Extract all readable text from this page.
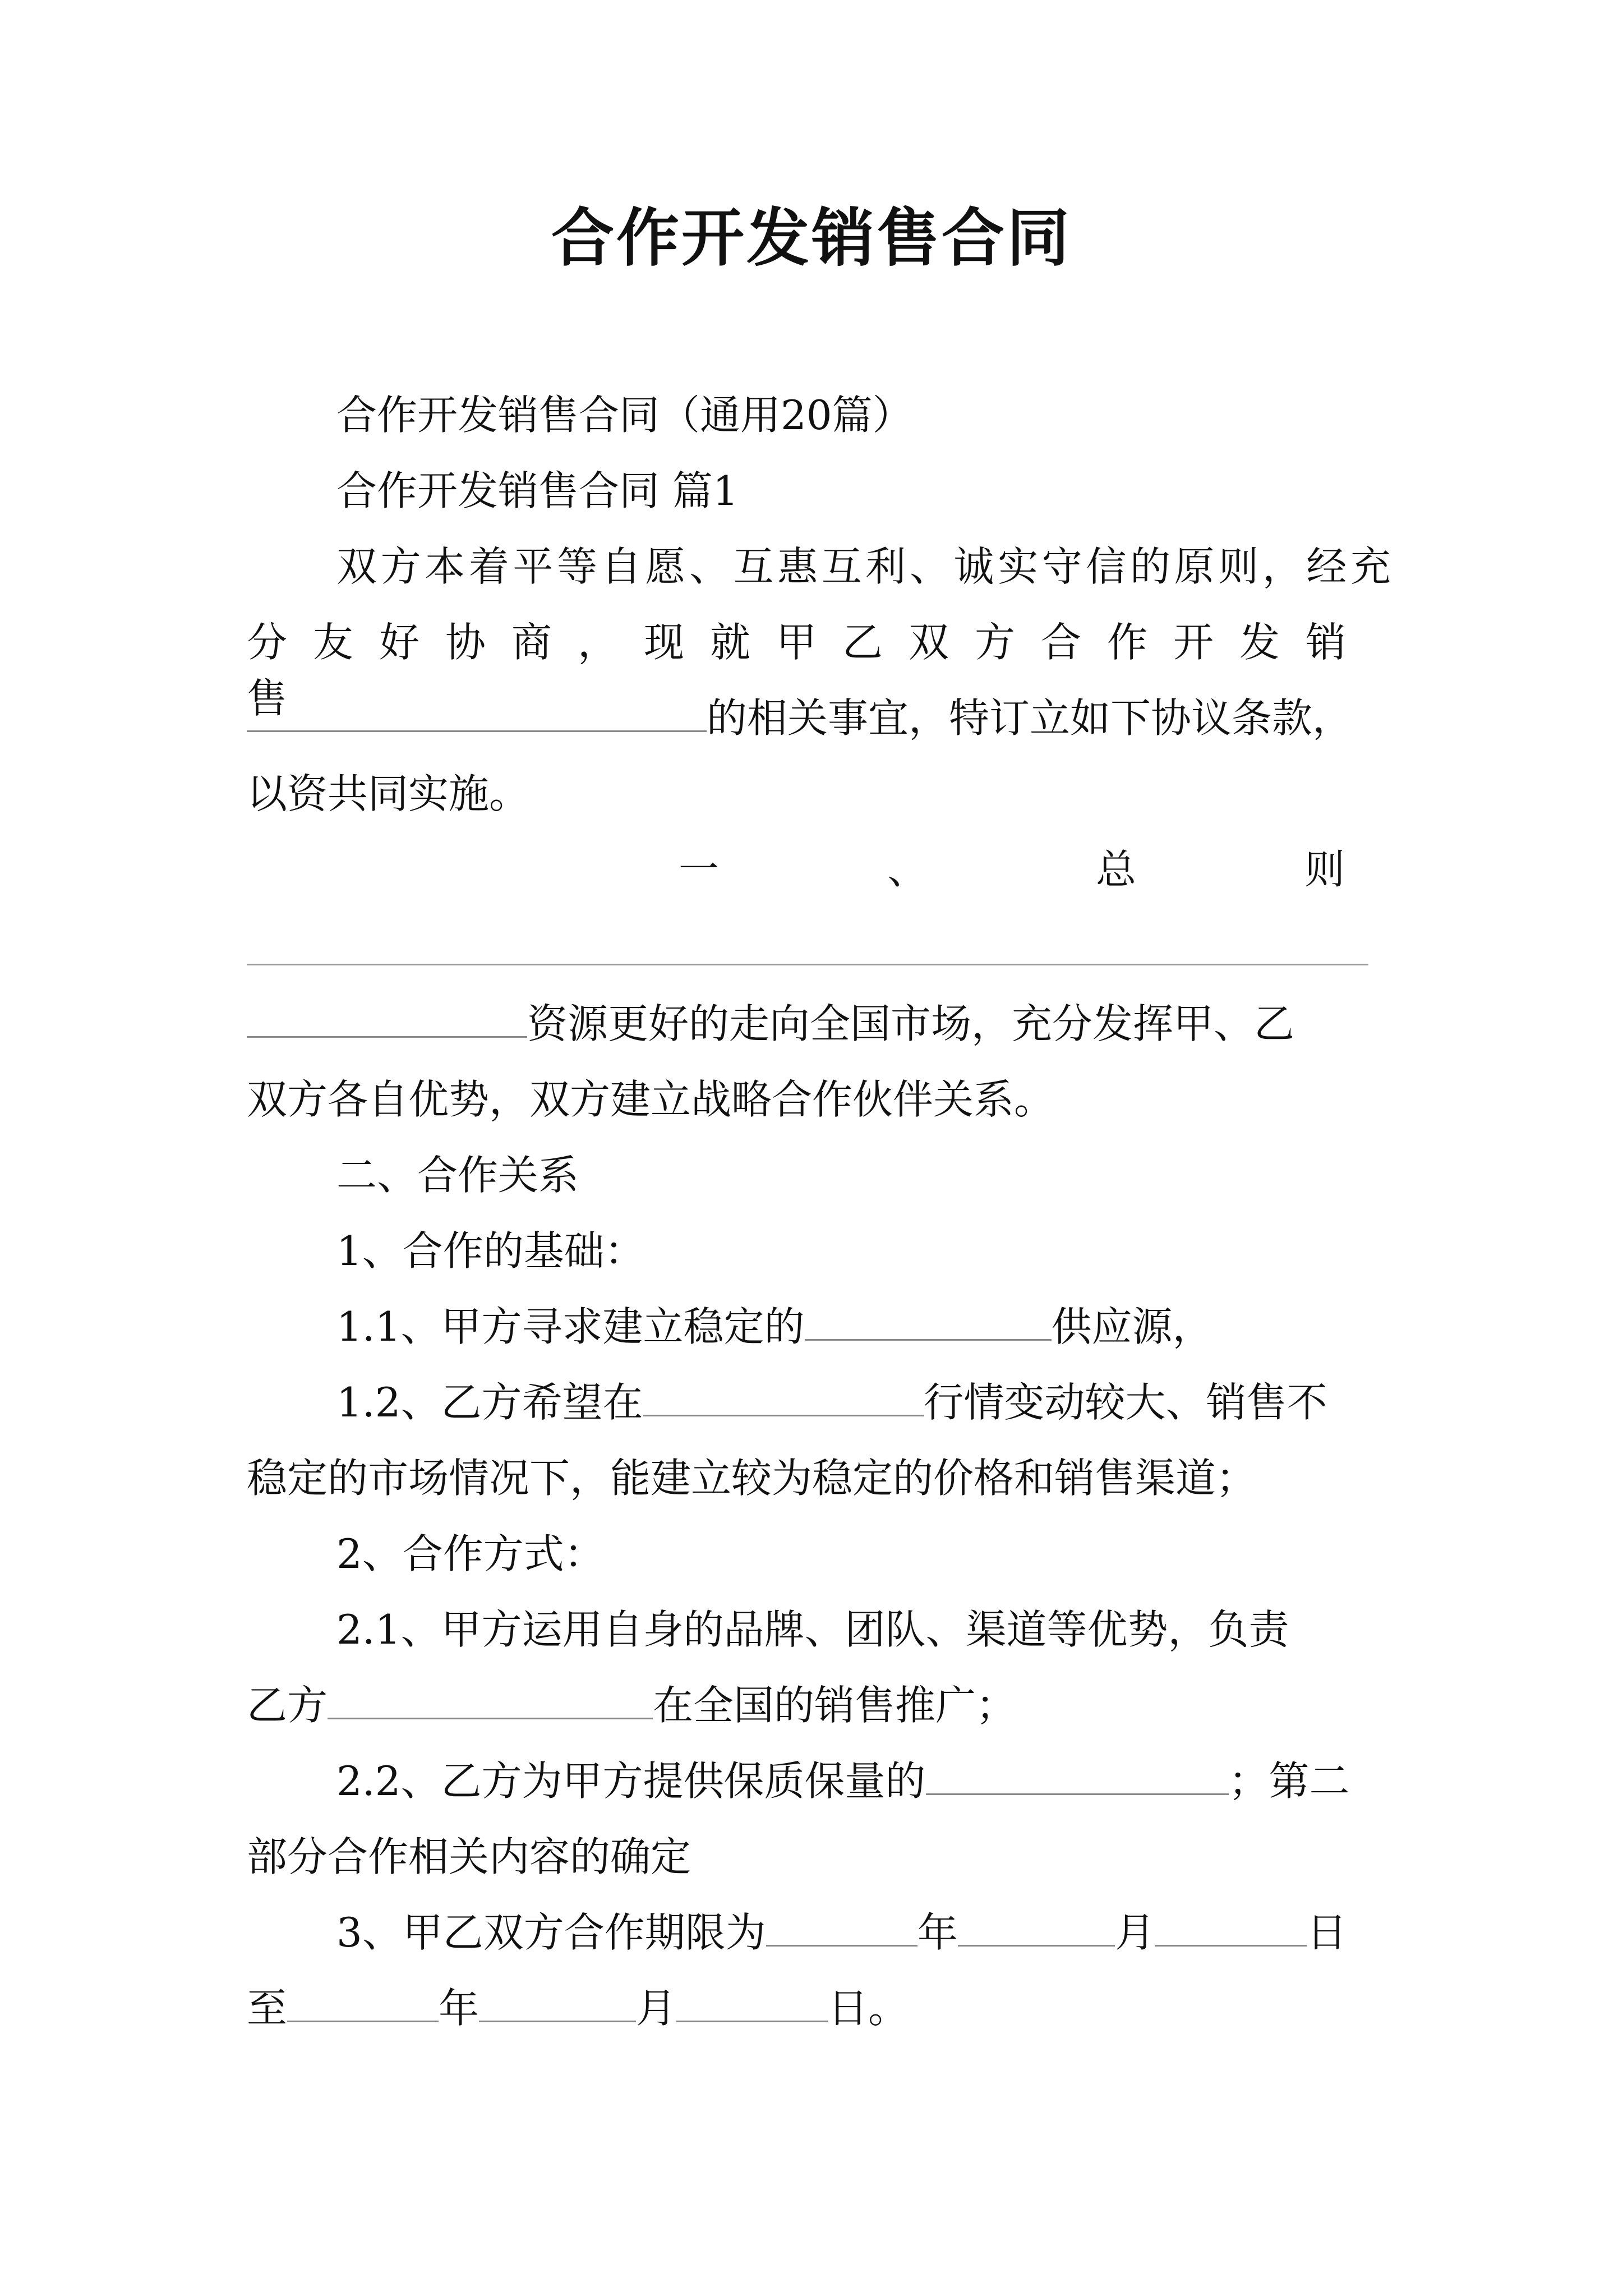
合作开发销售合同
合作开发销售合同（通用20篇）
合作开发销售合同 篇1
双方本着平等自愿、互惠互利、诚实守信的原则，经充
分友好协商，现就甲乙双方合作开发销售	的相关事宜，特订立如下协议条款，
以资共同实施。
一、总则
资源更好的走向全国市场，充分发挥甲、乙
双方各自优势，双方建立战略合作伙伴关系。
二、合作关系
1、合作的基础：
1.1、甲方寻求建立稳定的	供应源，
1.2、乙方希望在	行情变动较大、销售不
稳定的市场情况下，能建立较为稳定的价格和销售渠道；
2、合作方式：
2.1、甲方运用自身的品牌、团队、渠道等优势，负责
乙方	在全国的销售推广；
2.2、乙方为甲方提供保质保量的	；第二
部分合作相关内容的确定
3、甲乙双方合作期限为	年	月	日
至	年	月	日。
